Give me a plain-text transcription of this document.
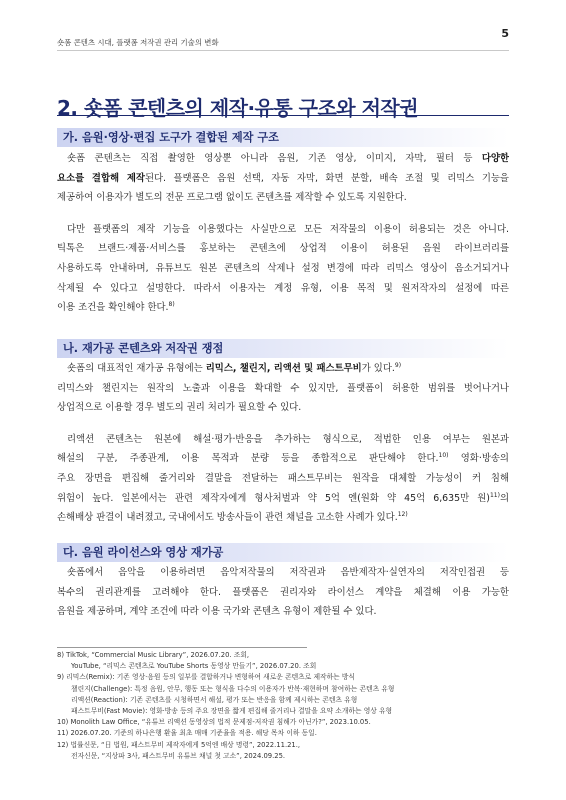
숏폼 콘텐츠 시대, 플랫폼 저작권 관리 기술의 변화
5
2. 숏폼 콘텐츠의 제작·유통 구조와 저작권
가. 음원·영상·편집 도구가 결합된 제작 구조

숏폼 콘텐츠는 직접 촬영한 영상뿐 아니라 음원, 기존 영상, 이미지, 자막, 필터 등 다양한
요소를 결합해 제작된다. 플랫폼은 음원 선택, 자동 자막, 화면 분할, 배속 조절 및 리믹스 기능을
제공하여 이용자가 별도의 전문 프로그램 없이도 콘텐츠를 제작할 수 있도록 지원한다.

다만 플랫폼의 제작 기능을 이용했다는 사실만으로 모든 저작물의 이용이 허용되는 것은 아니다.
틱톡은 브랜드·제품·서비스를 홍보하는 콘텐츠에 상업적 이용이 허용된 음원 라이브러리를
사용하도록 안내하며, 유튜브도 원본 콘텐츠의 삭제나 설정 변경에 따라 리믹스 영상이 음소거되거나
삭제될 수 있다고 설명한다. 따라서 이용자는 계정 유형, 이용 목적 및 원저작자의 설정에 따른
이용 조건을 확인해야 한다.$^{8)}$

나. 재가공 콘텐츠와 저작권 쟁점

숏폼의 대표적인 재가공 유형에는 리믹스, 챌린지, 리액션 및 패스트무비가 있다.$^{9)}$
리믹스와 챌린지는 원작의 노출과 이용을 확대할 수 있지만, 플랫폼이 허용한 범위를 벗어나거나
상업적으로 이용할 경우 별도의 권리 처리가 필요할 수 있다.

리액션 콘텐츠는 원본에 해설·평가·반응을 추가하는 형식으로, 적법한 인용 여부는 원본과
해설의 구분, 주종관계, 이용 목적과 분량 등을 종합적으로 판단해야 한다.$^{10)}$ 영화·방송의
주요 장면을 편집해 줄거리와 결말을 전달하는 패스트무비는 원작을 대체할 가능성이 커 침해
위험이 높다. 일본에서는 관련 제작자에게 형사처벌과 약 5억 엔(원화 약 45억 6,635만 원)$^{11)}$의
손해배상 판결이 내려졌고, 국내에서도 방송사들이 관련 채널을 고소한 사례가 있다.$^{12)}$

다. 음원 라이선스와 영상 재가공

숏폼에서 음악을 이용하려면 음악저작물의 저작권과 음반제작자·실연자의 저작인접권 등
복수의 권리관계를 고려해야 한다. 플랫폼은 권리자와 라이선스 계약을 체결해 이용 가능한
음원을 제공하며, 계약 조건에 따라 이용 국가와 콘텐츠 유형이 제한될 수 있다.

8) TikTok, “Commercial Music Library”, 2026.07.20. 조회,
YouTube, “리믹스 콘텐츠로 YouTube Shorts 동영상 만들기”, 2026.07.20. 조회
9) 리믹스(Remix): 기존 영상·음원 등의 일부를 결합하거나 변형하여 새로운 콘텐츠로 제작하는 방식
챌린지(Challenge): 특정 음원, 안무, 행동 또는 형식을 다수의 이용자가 반복·재현하며 참여하는 콘텐츠 유형
리액션(Reaction): 기존 콘텐츠를 시청하면서 해설, 평가 또는 반응을 함께 제시하는 콘텐츠 유형
패스트무비(Fast Movie): 영화·방송 등의 주요 장면을 짧게 편집해 줄거리나 결말을 요약 소개하는 영상 유형
10) Monolith Law Office, “유튜브 리액션 동영상의 법적 문제점-저작권 침해가 아닌가?”, 2023.10.05.
11) 2026.07.20. 기준의 하나은행 환율 최초 매매 기준율을 적용. 해당 목차 이하 동일.
12) 법률신문, “日 법원, 패스트무비 제작자에게 5억엔 배상 명령”, 2022.11.21.,
전자신문, “지상파 3사, 패스트무비 유튜브 채널 첫 고소”, 2024.09.25.
